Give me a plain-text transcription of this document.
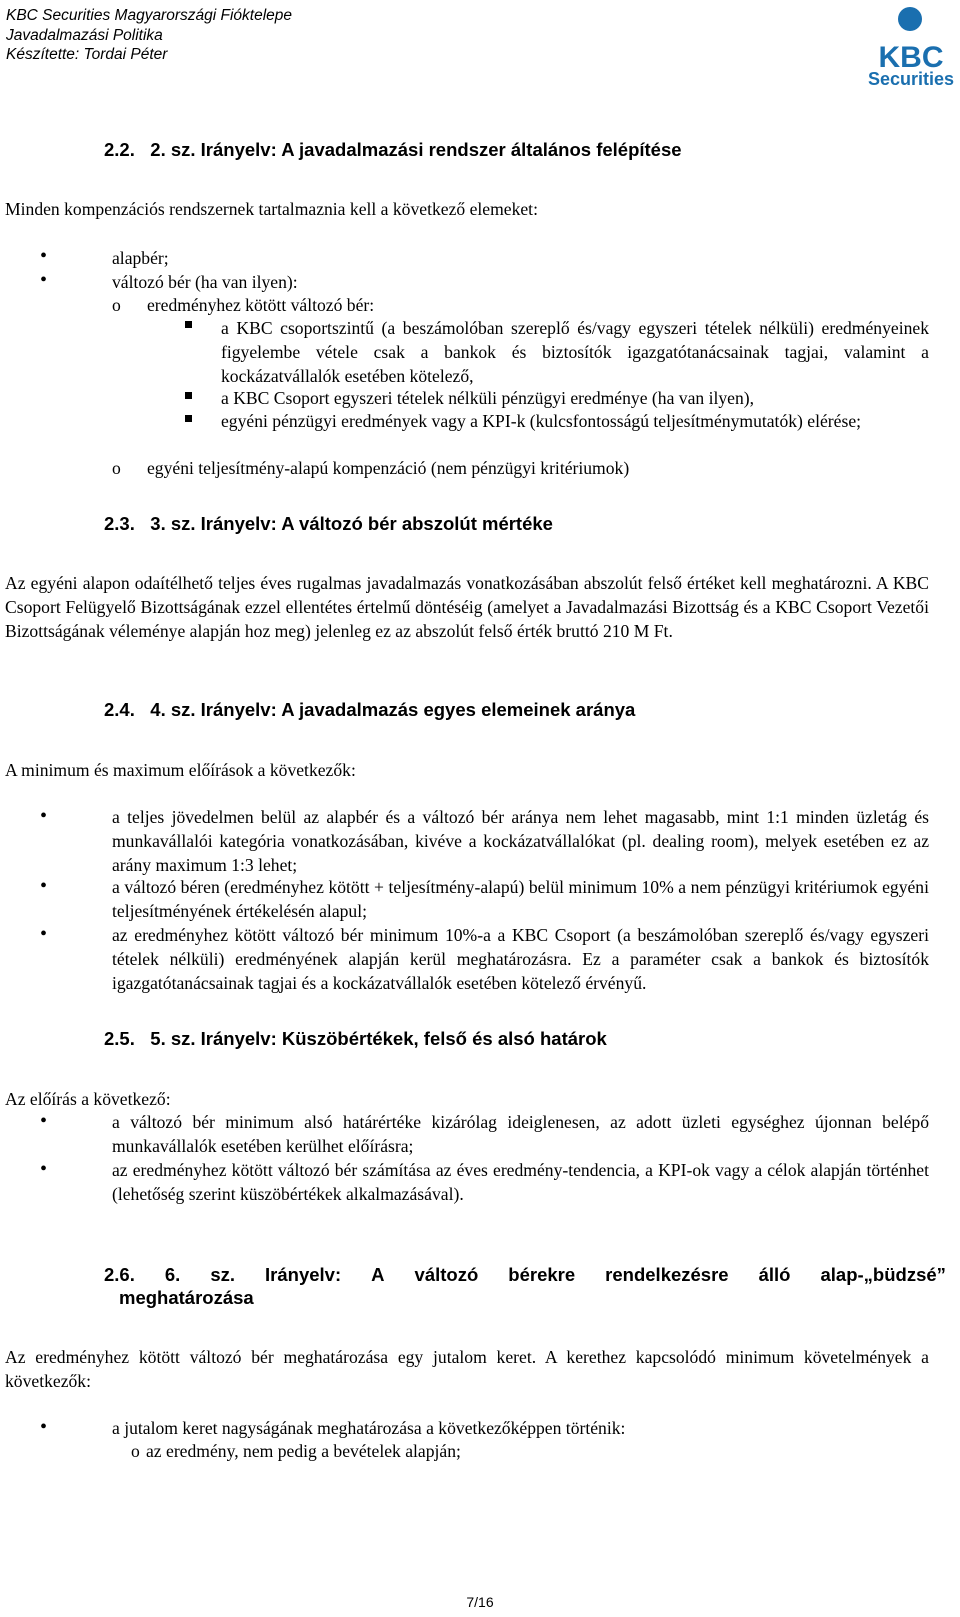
KBC Securities Magyarországi Fióktelepe
Javadalmazási Politika
Készítette: Tordai Péter	KBC
Securities
2.2.   2. sz. Irányelv: A javadalmazási rendszer általános felépítése
Minden kompenzációs rendszernek tartalmaznia kell a következő elemeket:
•	alapbér;
•	változó bér (ha van ilyen):
o eredményhez kötött változó bér:
a KBC csoportszintű (a beszámolóban szereplő és/vagy egyszeri tételek nélküli) eredményeinek figyelembe vétele csak a bankok és biztosítók igazgatótanácsainak tagjai, valamint a kockázatvállalók esetében kötelező,
a KBC Csoport egyszeri tételek nélküli pénzügyi eredménye (ha van ilyen),
egyéni pénzügyi eredmények vagy a KPI-k (kulcsfontosságú teljesítménymutatók) elérése;
o egyéni teljesítmény-alapú kompenzáció (nem pénzügyi kritériumok)
2.3.   3. sz. Irányelv: A változó bér abszolút mértéke
Az egyéni alapon odaítélhető teljes éves rugalmas javadalmazás vonatkozásában abszolút felső értéket kell meghatározni. A KBC Csoport Felügyelő Bizottságának ezzel ellentétes értelmű döntéséig (amelyet a Javadalmazási Bizottság és a KBC Csoport Vezetői Bizottságának véleménye alapján hoz meg) jelenleg ez az abszolút felső érték bruttó 210 M Ft.
2.4.   4. sz. Irányelv: A javadalmazás egyes elemeinek aránya
A minimum és maximum előírások a következők:
•	a teljes jövedelmen belül az alapbér és a változó bér aránya nem lehet magasabb, mint 1:1 minden üzletág és munkavállalói kategória vonatkozásában, kivéve a kockázatvállalókat (pl. dealing room), melyek esetében ez az arány maximum 1:3 lehet;
•	a változó béren (eredményhez kötött + teljesítmény-alapú) belül minimum 10% a nem pénzügyi kritériumok egyéni teljesítményének értékelésén alapul;
•	az eredményhez kötött változó bér minimum 10%-a a KBC Csoport (a beszámolóban szereplő és/vagy egyszeri tételek nélküli) eredményének alapján kerül meghatározásra. Ez a paraméter csak a bankok és biztosítók igazgatótanácsainak tagjai és a kockázatvállalók esetében kötelező érvényű.
2.5.   5. sz. Irányelv: Küszöbértékek, felső és alsó határok
Az előírás a következő:
•	a változó bér minimum alsó határértéke kizárólag ideiglenesen, az adott üzleti egységhez újonnan belépő munkavállalók esetében kerülhet előírásra;
•	az eredményhez kötött változó bér számítása az éves eredmény-tendencia, a KPI-ok vagy a célok alapján történhet (lehetőség szerint küszöbértékek alkalmazásával).
2.6. 6. sz. Irányelv: A változó bérekre rendelkezésre álló alap-„büdzsé”
meghatározása
Az eredményhez kötött változó bér meghatározása egy jutalom keret. A kerethez kapcsolódó minimum követelmények a következők:
•	a jutalom keret nagyságának meghatározása a következőképpen történik:
o az eredmény, nem pedig a bevételek alapján;
7/16
